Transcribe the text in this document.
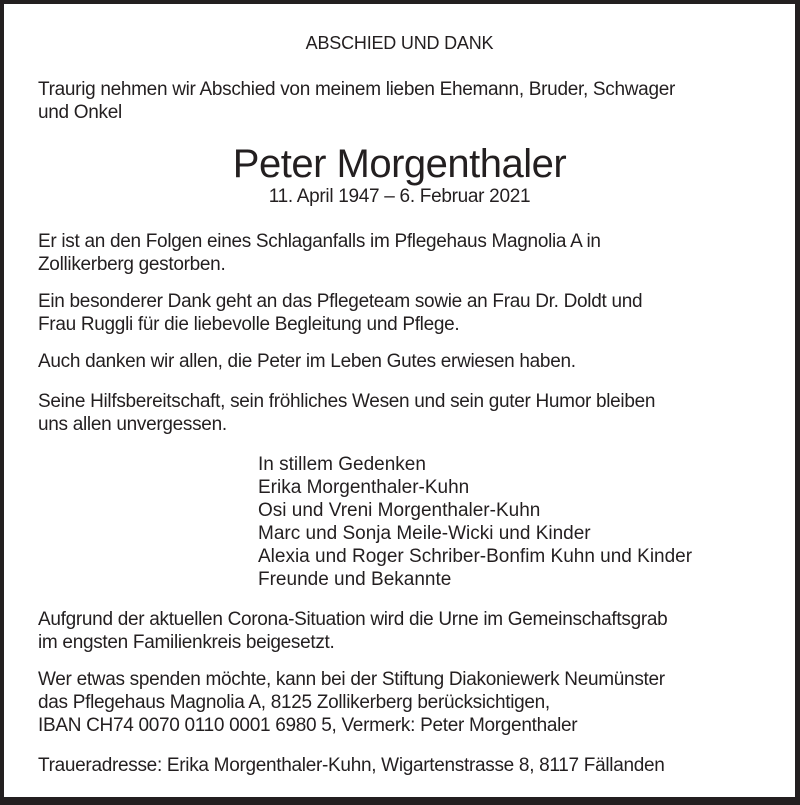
ABSCHIED UND DANK
Traurig nehmen wir Abschied von meinem lieben Ehemann, Bruder, Schwager
und Onkel
Peter Morgenthaler
11. April 1947 – 6. Februar 2021
Er ist an den Folgen eines Schlaganfalls im Pflegehaus Magnolia A in
Zollikerberg gestorben.
Ein besonderer Dank geht an das Pflegeteam sowie an Frau Dr. Doldt und
Frau Ruggli für die liebevolle Begleitung und Pflege.
Auch danken wir allen, die Peter im Leben Gutes erwiesen haben.
Seine Hilfsbereitschaft, sein fröhliches Wesen und sein guter Humor bleiben
uns allen unvergessen.
In stillem Gedenken
Erika Morgenthaler-Kuhn
Osi und Vreni Morgenthaler-Kuhn
Marc und Sonja Meile-Wicki und Kinder
Alexia und Roger Schriber-Bonfim Kuhn und Kinder
Freunde und Bekannte
Aufgrund der aktuellen Corona-Situation wird die Urne im Gemeinschaftsgrab
im engsten Familienkreis beigesetzt.
Wer etwas spenden möchte, kann bei der Stiftung Diakoniewerk Neumünster
das Pflegehaus Magnolia A, 8125 Zollikerberg berücksichtigen,
IBAN CH74 0070 0110 0001 6980 5, Vermerk: Peter Morgenthaler
Traueradresse: Erika Morgenthaler-Kuhn, Wigartenstrasse 8, 8117 Fällanden
